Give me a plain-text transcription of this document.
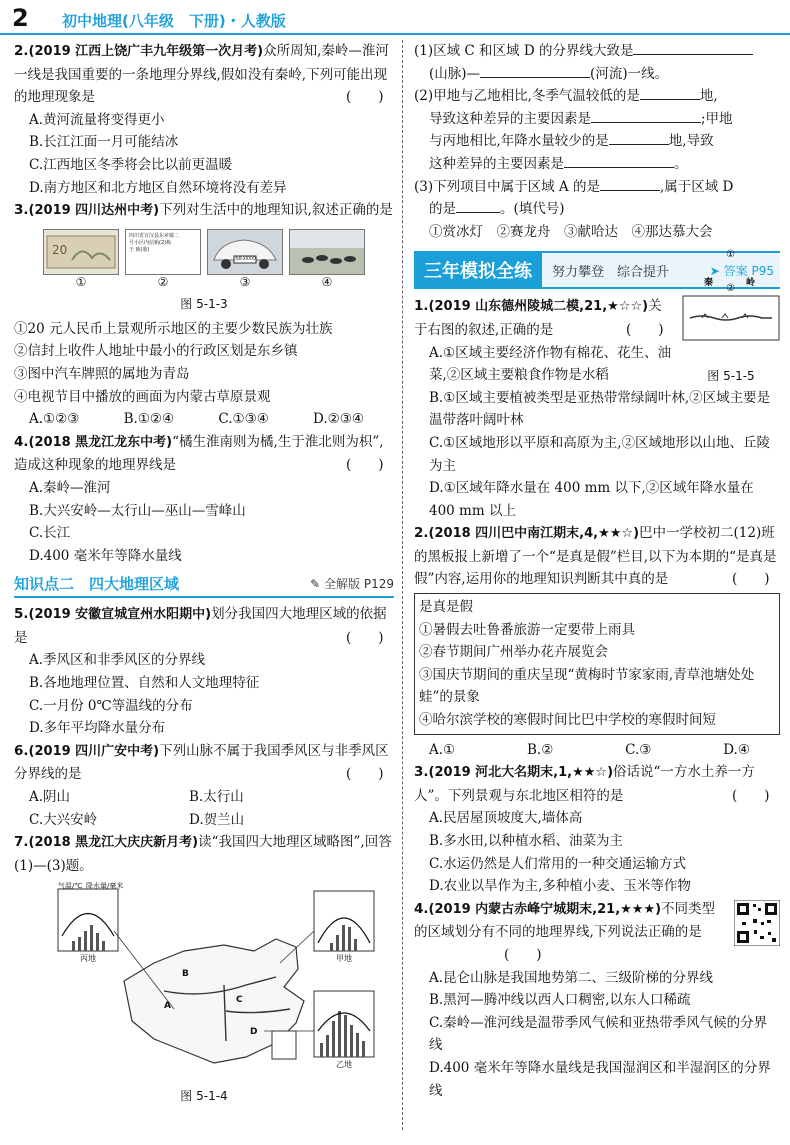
2 初中地理(八年级　下册)・人教版

2.(2019 江西上饶广丰九年级第一次月考)众所周知,秦岭—淮河一线是我国重要的一条地理分界线,假如没有秦岭,下列可能出现的地理现象是	(　　)

A.黄河流量将变得更小

B.长江江面一月可能结冰

C.江西地区冬季将会比以前更温暖

D.南方地区和北方地区自然环境将没有差异

3.(2019 四川达州中考)下列对生活中的地理知识,叙述正确的是

20
四川省宣汉县东乡镇二
号小区内信箱(2)栋
王 致(收)
鲁B·XXXXX
①	②	③	④
图 5-1-3

①20 元人民币上景观所示地区的主要少数民族为壮族

②信封上收件人地址中最小的行政区划是东乡镇

③图中汽车牌照的属地为青岛

④电视节目中播放的画面为内蒙古草原景观

A.①②③	B.①②④	C.①③④	D.②③④

4.(2018 黑龙江龙东中考)“橘生淮南则为橘,生于淮北则为枳”,造成这种现象的地理界线是	(　　)

A.秦岭—淮河

B.大兴安岭—太行山—巫山—雪峰山

C.长江

D.400 毫米年等降水量线

知识点二　四大地理区域	✎ 全解版 P129

5.(2019 安徽宣城宣州水阳期中)划分我国四大地理区域的依据是	(　　)

A.季风区和非季风区的分界线

B.各地地理位置、自然和人文地理特征

C.一月份 0℃等温线的分布

D.多年平均降水量分布

6.(2019 四川广安中考)下列山脉不属于我国季风区与非季风区分界线的是	(　　)

A.阴山	B.太行山
C.大兴安岭	D.贺兰山

7.(2018 黑龙江大庆庆新月考)读“我国四大地理区域略图”,回答(1)—(3)题。

气温/℃ 降水量/毫米
丙地	甲地
乙地
A
B
C
D
图 5-1-4

(1)区域 C 和区域 D 的分界线大致是

(山脉)—	(河流)一线。

(2)甲地与乙地相比,冬季气温较低的是	地,

导致这种差异的主要因素是	;甲地

与丙地相比,年降水量较少的是	地,导致

这种差异的主要因素是	。

(3)下列项目中属于区域 A 的是	,属于区域 D

的是	。(填代号)

①赏冰灯　②赛龙舟　③献哈达　④那达慕大会

三年模拟全练	努力攀登　综合提升	➤ 答案 P95
①
秦	岭
②
图 5-1-5

1.(2019 山东德州陵城二模,21,★☆☆)关于右图的叙述,正确的是	(　　)

A.①区域主要经济作物有棉花、花生、油菜,②区域主要粮食作物是水稻

B.①区域主要植被类型是亚热带常绿阔叶林,②区域主要是温带落叶阔叶林

C.①区域地形以平原和高原为主,②区域地形以山地、丘陵为主

D.①区域年降水量在 400 mm 以下,②区域年降水量在 400 mm 以上

2.(2018 四川巴中南江期末,4,★★☆)巴中一学校初二(12)班的黑板报上新增了一个“是真是假”栏目,以下为本期的“是真是假”内容,运用你的地理知识判断其中真的是	(　　)

是真是假

①暑假去吐鲁番旅游一定要带上雨具

②春节期间广州举办花卉展览会

③国庆节期间的重庆呈现“黄梅时节家家雨,青草池塘处处蛙”的景象

④哈尔滨学校的寒假时间比巴中学校的寒假时间短

A.①	B.②	C.③	D.④

3.(2019 河北大名期末,1,★★☆)俗话说“一方水土养一方人”。下列景观与东北地区相符的是	(　　)

A.民居屋顶坡度大,墙体高

B.多水田,以种植水稻、油菜为主

C.水运仍然是人们常用的一种交通运输方式

D.农业以旱作为主,多种植小麦、玉米等作物

4.(2019 内蒙古赤峰宁城期末,21,★★★)不同类型的区域划分有不同的地理界线,下列说法正确的是(　　)

A.昆仑山脉是我国地势第二、三级阶梯的分界线

B.黑河—腾冲线以西人口稠密,以东人口稀疏

C.秦岭—淮河线是温带季风气候和亚热带季风气候的分界线

D.400 毫米年等降水量线是我国湿润区和半湿润区的分界线
